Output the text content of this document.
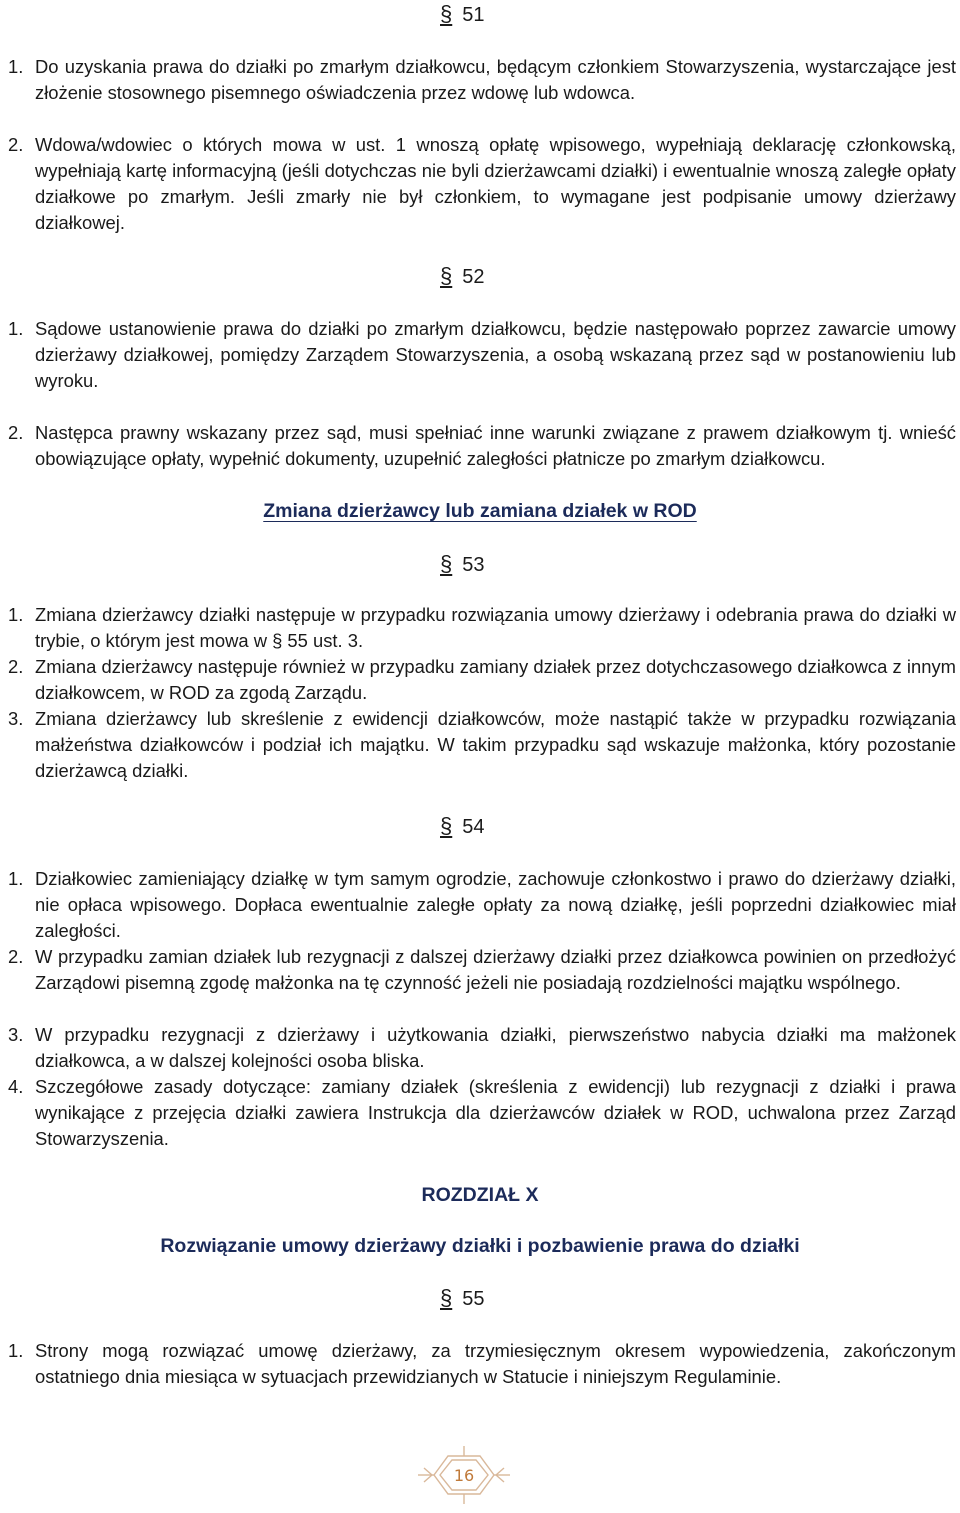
§ 51
1. Do uzyskania prawa do działki po zmarłym działkowcu, będącym członkiem Stowarzyszenia, wystarczające jest złożenie stosownego pisemnego oświadczenia przez wdowę lub wdowca.
2. Wdowa/wdowiec o których mowa w ust. 1 wnoszą opłatę wpisowego, wypełniają deklarację członkowską, wypełniają kartę informacyjną (jeśli dotychczas nie byli dzierżawcami działki) i ewentualnie wnoszą zaległe opłaty działkowe po zmarłym. Jeśli zmarły nie był członkiem, to wymagane jest podpisanie umowy dzierżawy działkowej.
§ 52
1. Sądowe ustanowienie prawa do działki po zmarłym działkowcu, będzie następowało poprzez zawarcie umowy dzierżawy działkowej, pomiędzy Zarządem Stowarzyszenia, a osobą wskazaną przez sąd w postanowieniu lub wyroku.
2. Następca prawny wskazany przez sąd, musi spełniać inne warunki związane z prawem działkowym tj. wnieść obowiązujące opłaty, wypełnić dokumenty, uzupełnić zaległości płatnicze po zmarłym działkowcu.
Zmiana dzierżawcy lub zamiana działek w ROD
§ 53
1. Zmiana dzierżawcy działki następuje w przypadku rozwiązania umowy dzierżawy i odebrania prawa do działki w trybie, o którym jest mowa w § 55 ust. 3.
2. Zmiana dzierżawcy następuje również w przypadku zamiany działek przez dotychczasowego działkowca z innym działkowcem, w ROD za zgodą Zarządu.
3. Zmiana dzierżawcy lub skreślenie z ewidencji działkowców, może nastąpić także w przypadku rozwiązania małżeństwa działkowców i podział ich majątku. W takim przypadku sąd wskazuje małżonka, który pozostanie dzierżawcą działki.
§ 54
1. Działkowiec zamieniający działkę w tym samym ogrodzie, zachowuje członkostwo i prawo do dzierżawy działki, nie opłaca wpisowego. Dopłaca ewentualnie zaległe opłaty za nową działkę, jeśli poprzedni działkowiec miał zaległości.
2. W przypadku zamian działek lub rezygnacji z dalszej dzierżawy działki przez działkowca powinien on przedłożyć Zarządowi pisemną zgodę małżonka na tę czynność jeżeli nie posiadają rozdzielności majątku wspólnego.
3. W przypadku rezygnacji z dzierżawy i użytkowania działki, pierwszeństwo nabycia działki ma małżonek działkowca, a w dalszej kolejności osoba bliska.
4. Szczegółowe zasady dotyczące: zamiany działek (skreślenia z ewidencji) lub rezygnacji z działki i prawa wynikające z przejęcia działki zawiera Instrukcja dla dzierżawców działek w ROD, uchwalona przez Zarząd Stowarzyszenia.
ROZDZIAŁ X
Rozwiązanie umowy dzierżawy działki i pozbawienie prawa do działki
§ 55
1. Strony mogą rozwiązać umowę dzierżawy, za trzymiesięcznym okresem wypowiedzenia, zakończonym ostatniego dnia miesiąca w sytuacjach przewidzianych w Statucie i niniejszym Regulaminie.
16
